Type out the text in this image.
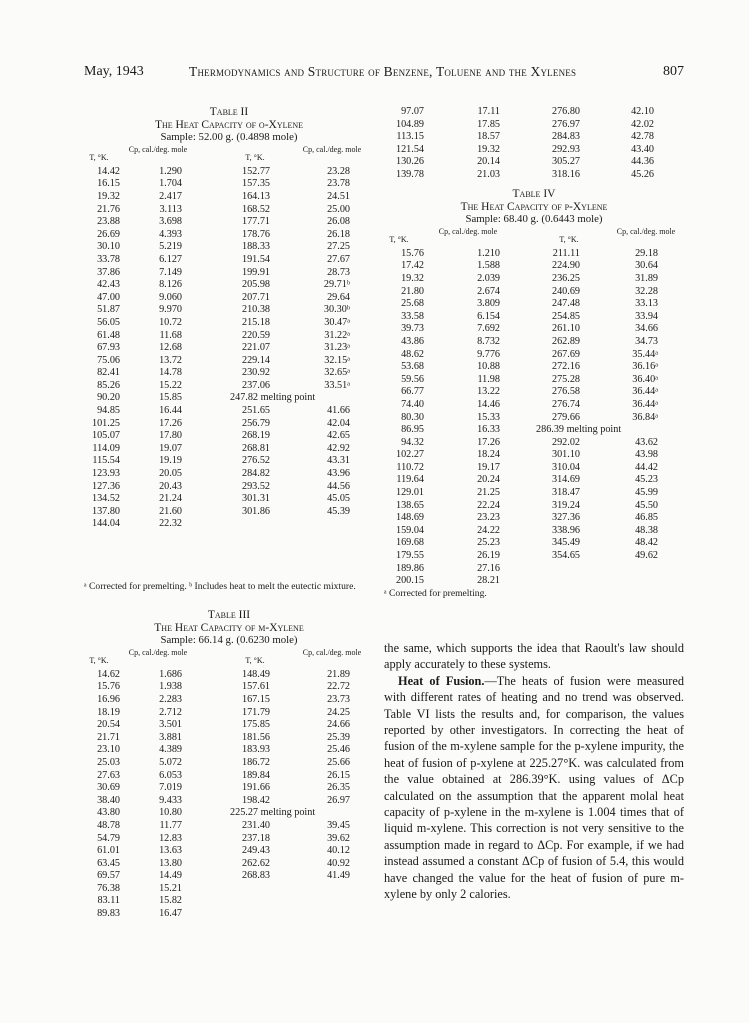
May, 1943	Thermodynamics and Structure of Benzene, Toluene and the Xylenes	807
Table II
The Heat Capacity of o-Xylene
Sample: 52.00 g. (0.4898 mole)
T, °K.
Cp, cal./deg. mole
T, °K.
Cp, cal./deg. mole
14.42	1.290	152.77	23.28
16.15	1.704	157.35	23.78
19.32	2.417	164.13	24.51
21.76	3.113	168.52	25.00
23.88	3.698	177.71	26.08
26.69	4.393	178.76	26.18
30.10	5.219	188.33	27.25
33.78	6.127	191.54	27.67
37.86	7.149	199.91	28.73
42.43	8.126	205.98	29.71ᵇ
47.00	9.060	207.71	29.64
51.87	9.970	210.38	30.30ᵇ
56.05	10.72	215.18	30.47ᵃ
61.48	11.68	220.59	31.22ᵃ
67.93	12.68	221.07	31.23ᵃ
75.06	13.72	229.14	32.15ᵃ
82.41	14.78	230.92	32.65ᵃ
85.26	15.22	237.06	33.51ᵃ
90.20	15.85	247.82 melting point
94.85	16.44	251.65	41.66
101.25	17.26	256.79	42.04
105.07	17.80	268.19	42.65
114.09	19.07	268.81	42.92
115.54	19.19	276.52	43.31
123.93	20.05	284.82	43.96
127.36	20.43	293.52	44.56
134.52	21.24	301.31	45.05
137.80	21.60	301.86	45.39
144.04	22.32
ᵃ Corrected for premelting. ᵇ Includes heat to melt the eutectic mixture.
Table III
The Heat Capacity of m-Xylene
Sample: 66.14 g. (0.6230 mole)
T, °K.
Cp, cal./deg. mole
T, °K.
Cp, cal./deg. mole
14.62	1.686	148.49	21.89
15.76	1.938	157.61	22.72
16.96	2.283	167.15	23.73
18.19	2.712	171.79	24.25
20.54	3.501	175.85	24.66
21.71	3.881	181.56	25.39
23.10	4.389	183.93	25.46
25.03	5.072	186.72	25.66
27.63	6.053	189.84	26.15
30.69	7.019	191.66	26.35
38.40	9.433	198.42	26.97
43.80	10.80	225.27 melting point
48.78	11.77	231.40	39.45
54.79	12.83	237.18	39.62
61.01	13.63	249.43	40.12
63.45	13.80	262.62	40.92
69.57	14.49	268.83	41.49
76.38	15.21
83.11	15.82
89.83	16.47
97.07	17.11	276.80	42.10
104.89	17.85	276.97	42.02
113.15	18.57	284.83	42.78
121.54	19.32	292.93	43.40
130.26	20.14	305.27	44.36
139.78	21.03	318.16	45.26
Table IV
The Heat Capacity of p-Xylene
Sample: 68.40 g. (0.6443 mole)
T, °K.
Cp, cal./deg. mole
T, °K.
Cp, cal./deg. mole
15.76	1.210	211.11	29.18
17.42	1.588	224.90	30.64
19.32	2.039	236.25	31.89
21.80	2.674	240.69	32.28
25.68	3.809	247.48	33.13
33.58	6.154	254.85	33.94
39.73	7.692	261.10	34.66
43.86	8.732	262.89	34.73
48.62	9.776	267.69	35.44ᵃ
53.68	10.88	272.16	36.16ᵃ
59.56	11.98	275.28	36.40ᵃ
66.77	13.22	276.58	36.44ᵃ
74.40	14.46	276.74	36.44ᵃ
80.30	15.33	279.66	36.84ᵃ
86.95	16.33	286.39 melting point
94.32	17.26	292.02	43.62
102.27	18.24	301.10	43.98
110.72	19.17	310.04	44.42
119.64	20.24	314.69	45.23
129.01	21.25	318.47	45.99
138.65	22.24	319.24	45.50
148.69	23.23	327.36	46.85
159.04	24.22	338.96	48.38
169.68	25.23	345.49	48.42
179.55	26.19	354.65	49.62
189.86	27.16
200.15	28.21
ᵃ Corrected for premelting.
the same, which supports the idea that Raoult's law should apply accurately to these systems.
Heat of Fusion.—The heats of fusion were measured with different rates of heating and no trend was observed. Table VI lists the results and, for comparison, the values reported by other investigators. In correcting the heat of fusion of the m-xylene sample for the p-xylene impurity, the heat of fusion of p-xylene at 225.27°K. was calculated from the value obtained at 286.39°K. using values of ΔCp calculated on the assumption that the apparent molal heat capacity of p-xylene in the m-xylene is 1.004 times that of liquid m-xylene. This correction is not very sensitive to the assumption made in regard to ΔCp. For example, if we had instead assumed a constant ΔCp of fusion of 5.4, this would have changed the value for the heat of fusion of pure m-xylene by only 2 calories.
